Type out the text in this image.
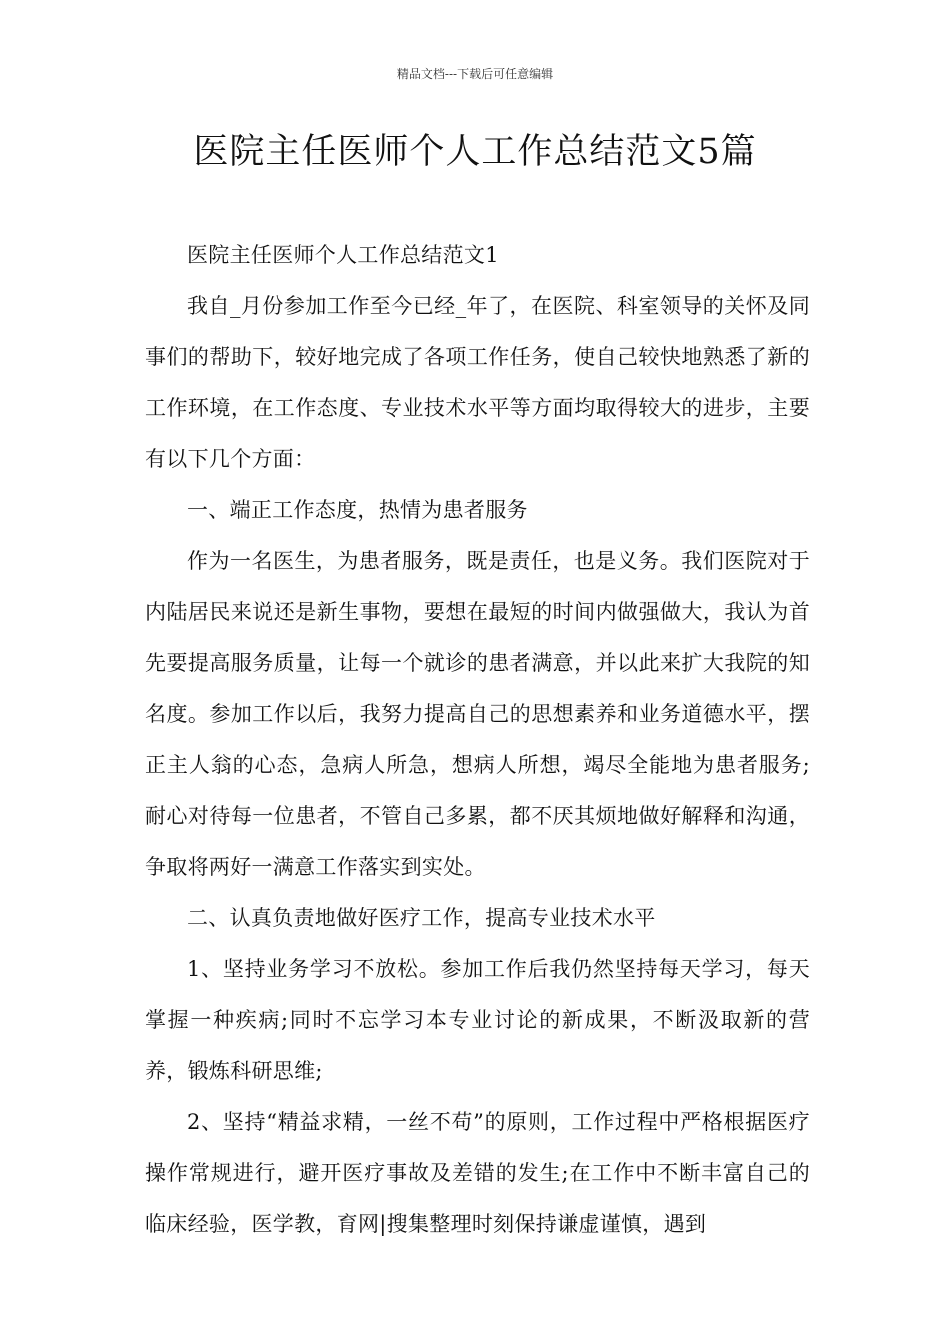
精品文档---下载后可任意编辑
医院主任医师个人工作总结范文5篇

医院主任医师个人工作总结范文1

我自_月份参加工作至今已经_年了，在医院、科室领导的关怀及同事们的帮助下，较好地完成了各项工作任务，使自己较快地熟悉了新的工作环境，在工作态度、专业技术水平等方面均取得较大的进步，主要有以下几个方面：

一、端正工作态度，热情为患者服务

作为一名医生，为患者服务，既是责任，也是义务。我们医院对于内陆居民来说还是新生事物，要想在最短的时间内做强做大，我认为首先要提高服务质量，让每一个就诊的患者满意，并以此来扩大我院的知名度。参加工作以后，我努力提高自己的思想素养和业务道德水平，摆正主人翁的心态，急病人所急，想病人所想，竭尽全能地为患者服务;耐心对待每一位患者，不管自己多累，都不厌其烦地做好解释和沟通，争取将两好一满意工作落实到实处。

二、认真负责地做好医疗工作，提高专业技术水平

1、坚持业务学习不放松。参加工作后我仍然坚持每天学习，每天掌握一种疾病;同时不忘学习本专业讨论的新成果，不断汲取新的营养，锻炼科研思维;

2、坚持“精益求精，一丝不苟”的原则，工作过程中严格根据医疗操作常规进行，避开医疗事故及差错的发生;在工作中不断丰富自己的临床经验，医学教，育网|搜集整理时刻保持谦虚谨慎，遇到
